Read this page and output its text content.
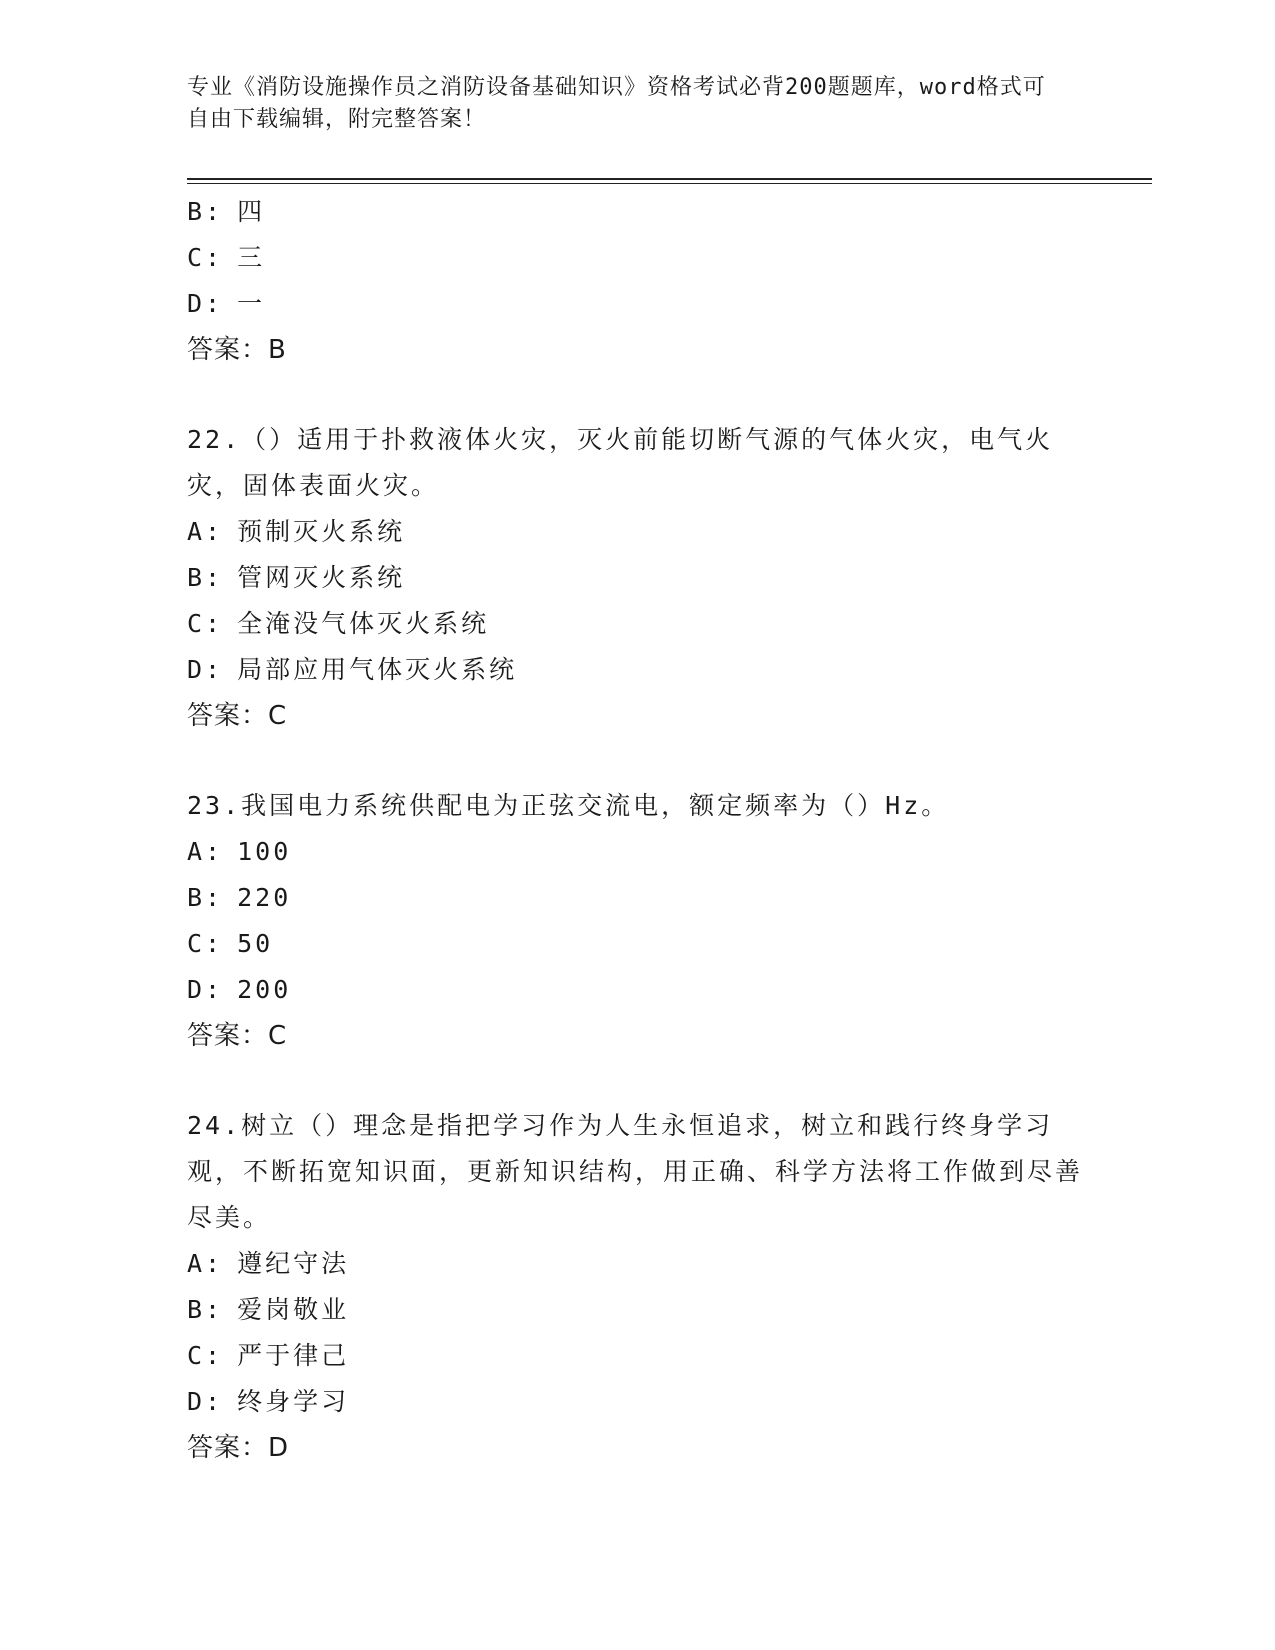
专业《消防设施操作员之消防设备基础知识》资格考试必背200题题库，word格式可自由下载编辑，附完整答案！
B: 四
C: 三
D: 一
答案：B
22.（）适用于扑救液体火灾，灭火前能切断气源的气体火灾，电气火灾，固体表面火灾。
A: 预制灭火系统
B: 管网灭火系统
C: 全淹没气体灭火系统
D: 局部应用气体灭火系统
答案：C
23.我国电力系统供配电为正弦交流电，额定频率为（）Hz。
A: 100
B: 220
C: 50
D: 200
答案：C
24.树立（）理念是指把学习作为人生永恒追求，树立和践行终身学习观，不断拓宽知识面，更新知识结构，用正确、科学方法将工作做到尽善尽美。
A: 遵纪守法
B: 爱岗敬业
C: 严于律己
D: 终身学习
答案：D
